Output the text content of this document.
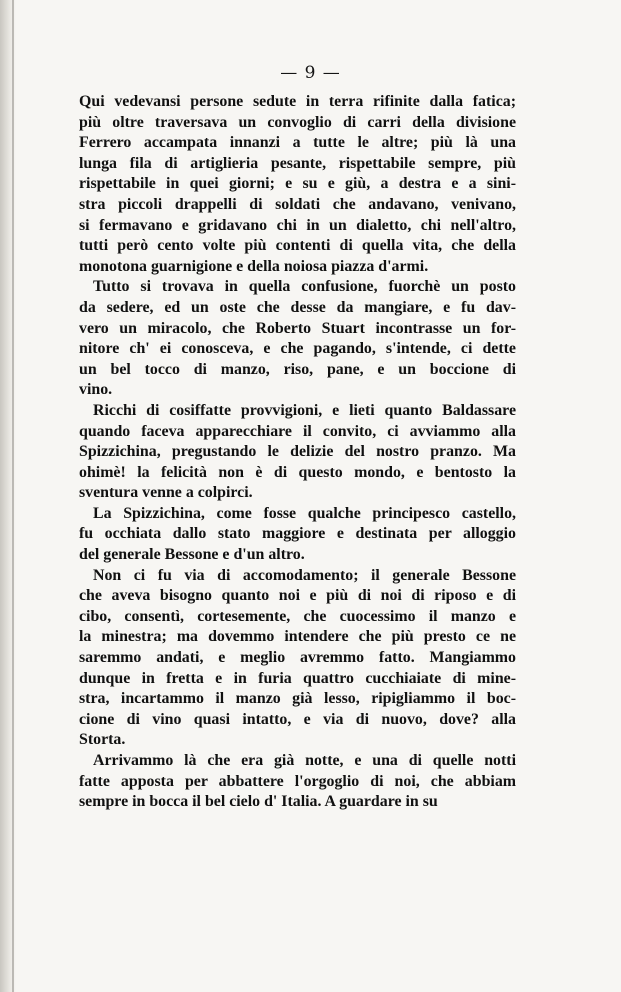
— 9 —
Qui vedevansi persone sedute in terra rifinite dalla fatica;
più oltre traversava un convoglio di carri della divisione
Ferrero accampata innanzi a tutte le altre; più là una
lunga fila di artiglieria pesante, rispettabile sempre, più
rispettabile in quei giorni; e su e giù, a destra e a sini-
stra piccoli drappelli di soldati che andavano, venivano,
si fermavano e gridavano chi in un dialetto, chi nell'altro,
tutti però cento volte più contenti di quella vita, che della
monotona guarnigione e della noiosa piazza d'armi.
Tutto si trovava in quella confusione, fuorchè un posto
da sedere, ed un oste che desse da mangiare, e fu dav-
vero un miracolo, che Roberto Stuart incontrasse un for-
nitore ch' ei conosceva, e che pagando, s'intende, ci dette
un bel tocco di manzo, riso, pane, e un boccione di
vino.
Ricchi di cosiffatte provvigioni, e lieti quanto Baldassare
quando faceva apparecchiare il convito, ci avviammo alla
Spizzichina, pregustando le delizie del nostro pranzo. Ma
ohimè! la felicità non è di questo mondo, e bentosto la
sventura venne a colpirci.
La Spizzichina, come fosse qualche principesco castello,
fu occhiata dallo stato maggiore e destinata per alloggio
del generale Bessone e d'un altro.
Non ci fu via di accomodamento; il generale Bessone
che aveva bisogno quanto noi e più di noi di riposo e di
cibo, consentì, cortesemente, che cuocessimo il manzo e
la minestra; ma dovemmo intendere che più presto ce ne
saremmo andati, e meglio avremmo fatto. Mangiammo
dunque in fretta e in furia quattro cucchiaiate di mine-
stra, incartammo il manzo già lesso, ripigliammo il boc-
cione di vino quasi intatto, e via di nuovo, dove? alla
Storta.
Arrivammo là che era già notte, e una di quelle notti
fatte apposta per abbattere l'orgoglio di noi, che abbiam
sempre in bocca il bel cielo d' Italia. A guardare in su
